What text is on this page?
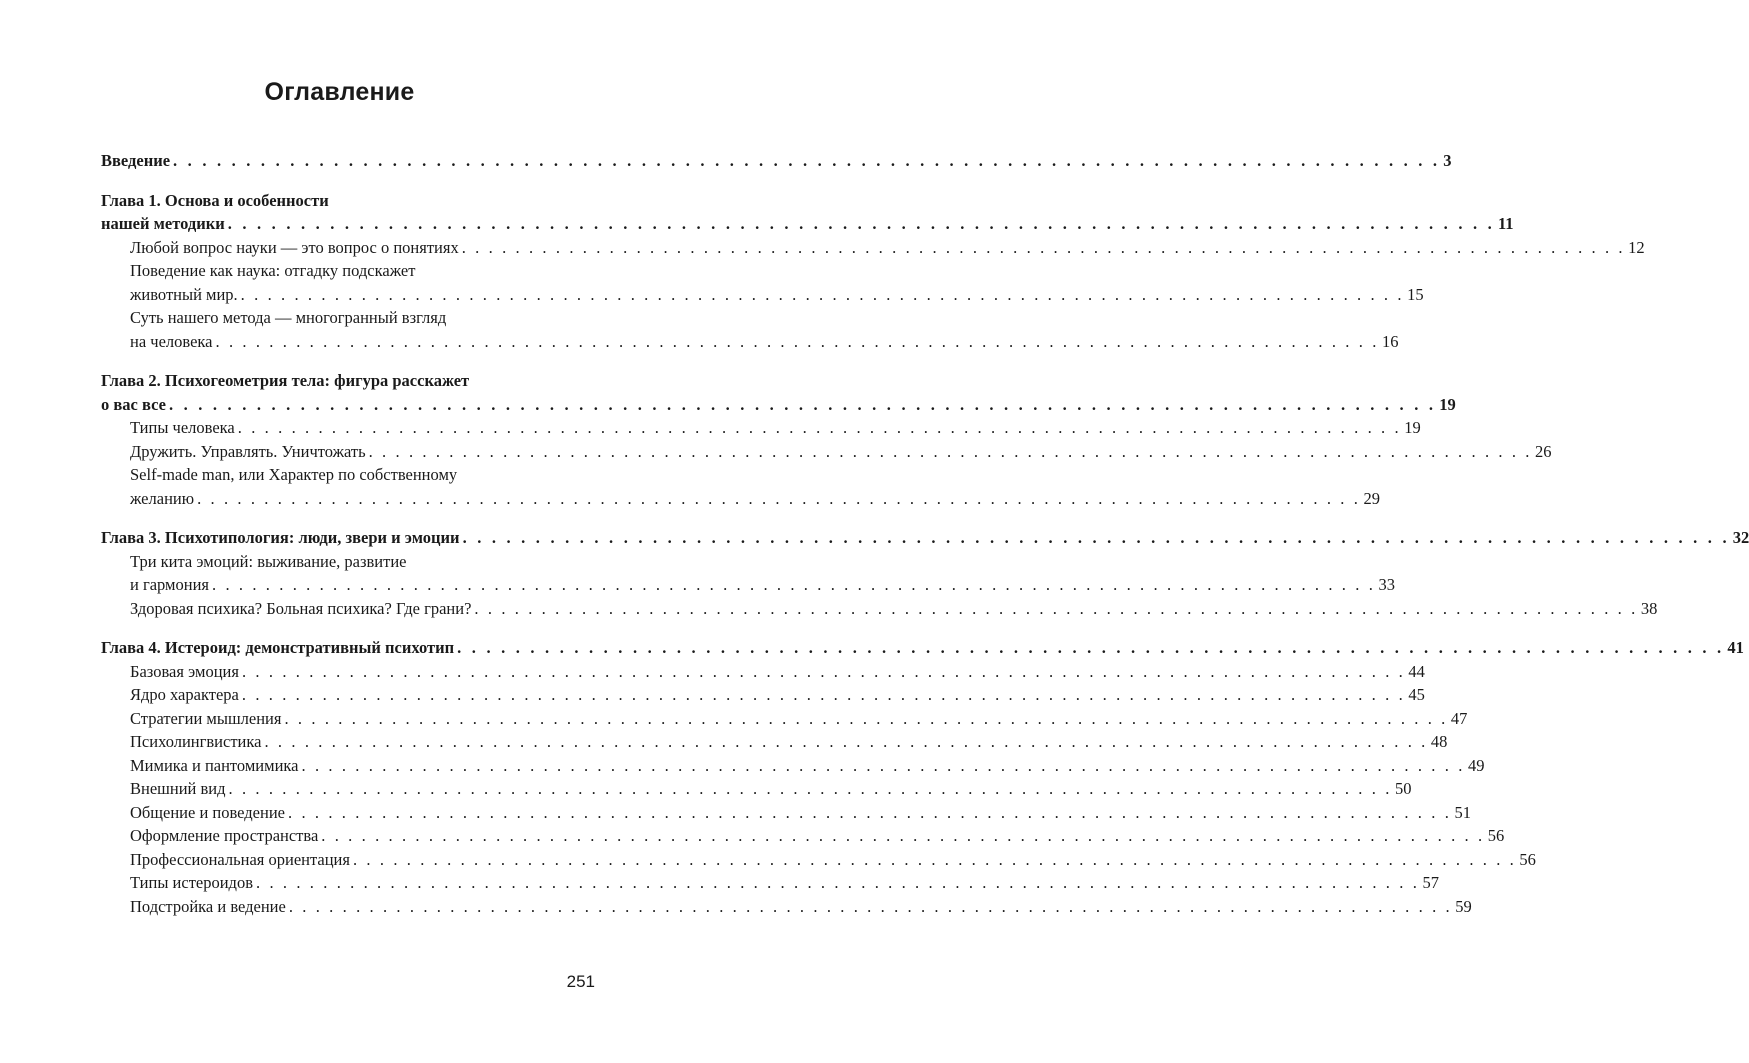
Оглавление
Введение . . . . . . . . . . . . . . . . . . . . . . . . . . . . . . . . . . . . . . . . . . . . . . . . . . . . . . . . . . . . . . . . . . . . . . . . . . . . . . . . . . . . . . . 3
Глава 1. Основа и особенности
нашей методики . . . . . . . . . . . . . . . . . . . . . . . . . . . . . . . . . . . . . . . . . . . . . . . . . . . . . . . . . . . . . . . . . . . . . . . . . . . . . . . . . . . . . . . 11
Любой вопрос науки — это вопрос о понятиях . . . . . . . . . . . . . . . . . . . . . . . . . . . . . . . . . . . . . . . . . . . . . . . . . . . . . . . . . . . . . . . . . . . . . . . . . . . . . . . . . . . . . . . 12
Поведение как наука: отгадку подскажет
животный мир. . . . . . . . . . . . . . . . . . . . . . . . . . . . . . . . . . . . . . . . . . . . . . . . . . . . . . . . . . . . . . . . . . . . . . . . . . . . . . . . . . . . . . . . 15
Суть нашего метода — многогранный взгляд
на человека . . . . . . . . . . . . . . . . . . . . . . . . . . . . . . . . . . . . . . . . . . . . . . . . . . . . . . . . . . . . . . . . . . . . . . . . . . . . . . . . . . . . . . . 16
Глава 2. Психогеометрия тела: фигура расскажет
о вас все . . . . . . . . . . . . . . . . . . . . . . . . . . . . . . . . . . . . . . . . . . . . . . . . . . . . . . . . . . . . . . . . . . . . . . . . . . . . . . . . . . . . . . . 19
Типы человека . . . . . . . . . . . . . . . . . . . . . . . . . . . . . . . . . . . . . . . . . . . . . . . . . . . . . . . . . . . . . . . . . . . . . . . . . . . . . . . . . . . . . . . 19
Дружить. Управлять. Уничтожать . . . . . . . . . . . . . . . . . . . . . . . . . . . . . . . . . . . . . . . . . . . . . . . . . . . . . . . . . . . . . . . . . . . . . . . . . . . . . . . . . . . . . . . 26
Self-made man, или Характер по собственному
желанию . . . . . . . . . . . . . . . . . . . . . . . . . . . . . . . . . . . . . . . . . . . . . . . . . . . . . . . . . . . . . . . . . . . . . . . . . . . . . . . . . . . . . . . 29
Глава 3. Психотипология: люди, звери и эмоции . . . . . . . . . . . . . . . . . . . . . . . . . . . . . . . . . . . . . . . . . . . . . . . . . . . . . . . . . . . . . . . . . . . . . . . . . . . . . . . . . . . . . . . 32
Три кита эмоций: выживание, развитие
и гармония . . . . . . . . . . . . . . . . . . . . . . . . . . . . . . . . . . . . . . . . . . . . . . . . . . . . . . . . . . . . . . . . . . . . . . . . . . . . . . . . . . . . . . . 33
Здоровая психика? Больная психика? Где грани? . . . . . . . . . . . . . . . . . . . . . . . . . . . . . . . . . . . . . . . . . . . . . . . . . . . . . . . . . . . . . . . . . . . . . . . . . . . . . . . . . . . . . . . 38
Глава 4. Истероид: демонстративный психотип . . . . . . . . . . . . . . . . . . . . . . . . . . . . . . . . . . . . . . . . . . . . . . . . . . . . . . . . . . . . . . . . . . . . . . . . . . . . . . . . . . . . . . . 41
Базовая эмоция . . . . . . . . . . . . . . . . . . . . . . . . . . . . . . . . . . . . . . . . . . . . . . . . . . . . . . . . . . . . . . . . . . . . . . . . . . . . . . . . . . . . . . . 44
Ядро характера . . . . . . . . . . . . . . . . . . . . . . . . . . . . . . . . . . . . . . . . . . . . . . . . . . . . . . . . . . . . . . . . . . . . . . . . . . . . . . . . . . . . . . . 45
Стратегии мышления . . . . . . . . . . . . . . . . . . . . . . . . . . . . . . . . . . . . . . . . . . . . . . . . . . . . . . . . . . . . . . . . . . . . . . . . . . . . . . . . . . . . . . . 47
Психолингвистика . . . . . . . . . . . . . . . . . . . . . . . . . . . . . . . . . . . . . . . . . . . . . . . . . . . . . . . . . . . . . . . . . . . . . . . . . . . . . . . . . . . . . . . 48
Мимика и пантомимика . . . . . . . . . . . . . . . . . . . . . . . . . . . . . . . . . . . . . . . . . . . . . . . . . . . . . . . . . . . . . . . . . . . . . . . . . . . . . . . . . . . . . . . 49
Внешний вид . . . . . . . . . . . . . . . . . . . . . . . . . . . . . . . . . . . . . . . . . . . . . . . . . . . . . . . . . . . . . . . . . . . . . . . . . . . . . . . . . . . . . . . 50
Общение и поведение . . . . . . . . . . . . . . . . . . . . . . . . . . . . . . . . . . . . . . . . . . . . . . . . . . . . . . . . . . . . . . . . . . . . . . . . . . . . . . . . . . . . . . . 51
Оформление пространства . . . . . . . . . . . . . . . . . . . . . . . . . . . . . . . . . . . . . . . . . . . . . . . . . . . . . . . . . . . . . . . . . . . . . . . . . . . . . . . . . . . . . . . 56
Профессиональная ориентация . . . . . . . . . . . . . . . . . . . . . . . . . . . . . . . . . . . . . . . . . . . . . . . . . . . . . . . . . . . . . . . . . . . . . . . . . . . . . . . . . . . . . . . 56
Типы истероидов . . . . . . . . . . . . . . . . . . . . . . . . . . . . . . . . . . . . . . . . . . . . . . . . . . . . . . . . . . . . . . . . . . . . . . . . . . . . . . . . . . . . . . . 57
Подстройка и ведение . . . . . . . . . . . . . . . . . . . . . . . . . . . . . . . . . . . . . . . . . . . . . . . . . . . . . . . . . . . . . . . . . . . . . . . . . . . . . . . . . . . . . . . 59
251
